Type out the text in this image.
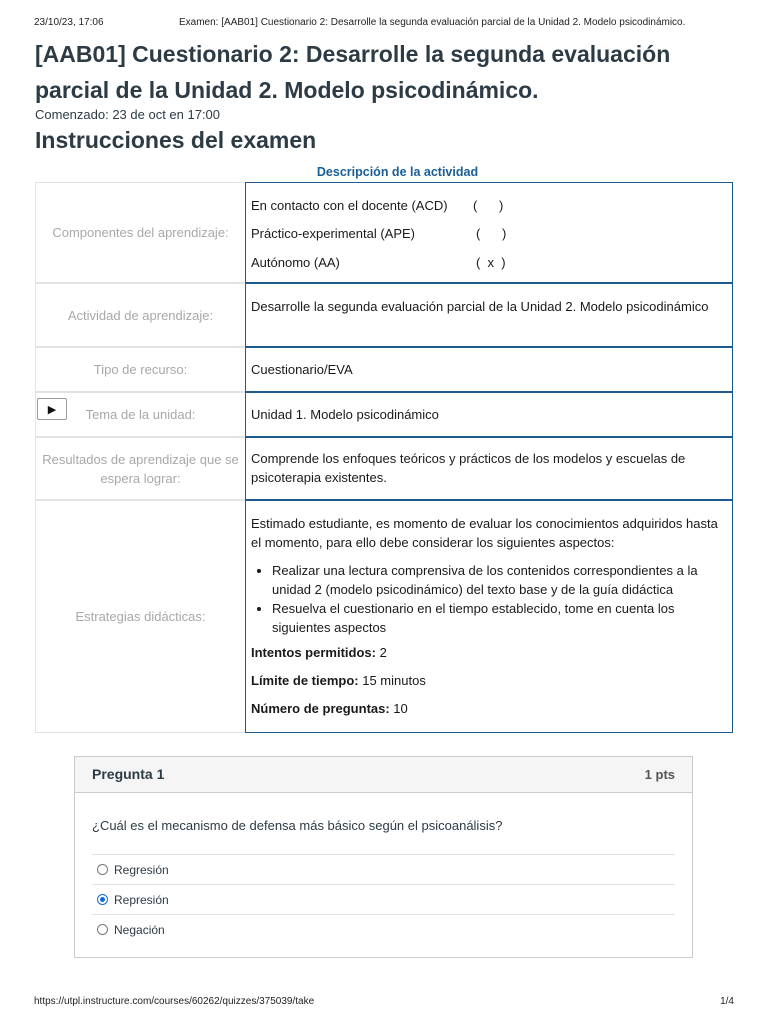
23/10/23, 17:06	Examen: [AAB01] Cuestionario 2: Desarrolle la segunda evaluación parcial de la Unidad 2. Modelo psicodinámico.
[AAB01] Cuestionario 2: Desarrolle la segunda evaluación parcial de la Unidad 2. Modelo psicodinámico.
Comenzado: 23 de oct en 17:00
Instrucciones del examen
Descripción de la actividad
Componentes del aprendizaje:
En contacto con el docente (ACD) (      )
Práctico-experimental (APE)	(      )
Autónomo (AA)	(  x  )
Actividad de aprendizaje:
Desarrolle la segunda evaluación parcial de la Unidad 2. Modelo psicodinámico
Tipo de recurso:	Cuestionario/EVA
Tema de la unidad:
▶	Unidad 1. Modelo psicodinámico
Resultados de aprendizaje que se espera lograr:
Comprende los enfoques teóricos y prácticos de los modelos y escuelas de psicoterapia existentes.
Estrategias didácticas:

Estimado estudiante, es momento de evaluar los conocimientos adquiridos hasta el momento, para ello debe considerar los siguientes aspectos:

• Realizar una lectura comprensiva de los contenidos correspondientes a la unidad 2 (modelo psicodinámico) del texto base y de la guía didáctica
• Resuelva el cuestionario en el tiempo establecido, tome en cuenta los siguientes aspectos
Intentos permitidos: 2
Límite de tiempo: 15 minutos
Número de preguntas: 10
Pregunta 1	1 pts
¿Cuál es el mecanismo de defensa más básico según el psicoanálisis?
Regresión
Represión
Negación
https://utpl.instructure.com/courses/60262/quizzes/375039/take	1/4
